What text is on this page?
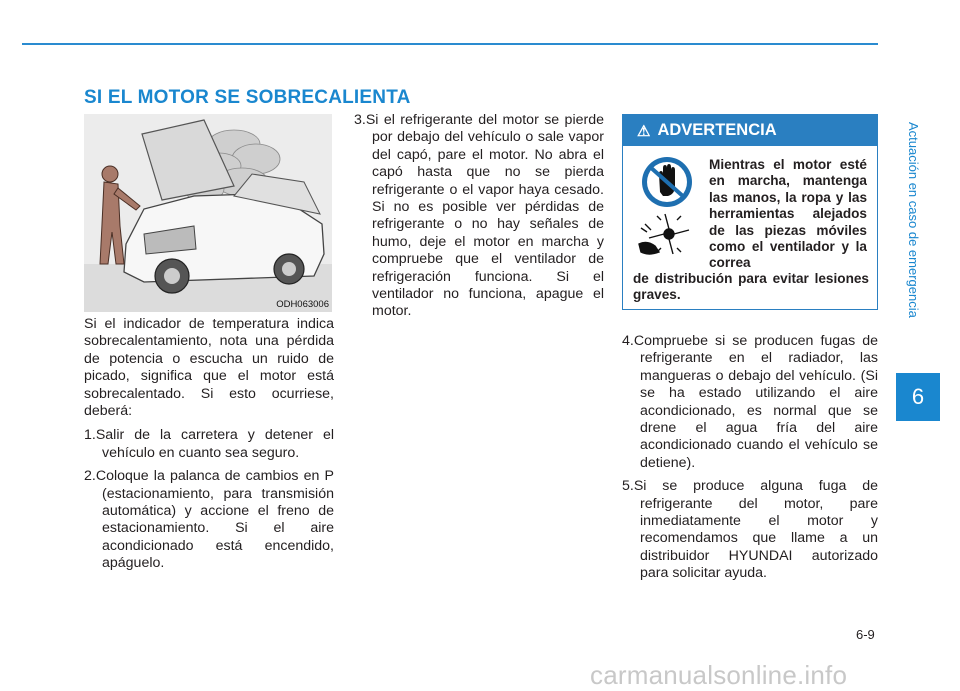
SI EL MOTOR SE SOBRECALIENTA
Actuación en caso de emergencia
6
ODH063006

Si el indicador de temperatura indica sobrecalentamiento, nota una pérdida de potencia o escucha un ruido de picado, significa que el motor está sobrecalentado. Si esto ocurriese, deberá:

1.Salir de la carretera y detener el vehículo en cuanto sea seguro.
2.Coloque la palanca de cambios en P (estacionamiento, para transmisión automática) y accione el freno de estacionamiento. Si el aire acondicionado está encendido, apáguelo.
3.Si el refrigerante del motor se pierde por debajo del vehículo o sale vapor del capó, pare el motor. No abra el capó hasta que no se pierda refrigerante o el vapor haya cesado. Si no es posible ver pérdidas de refrigerante o no hay señales de humo, deje el motor en marcha y compruebe que el ventilador de refrigeración funciona. Si el ventilador no funciona, apague el motor.
⚠ ADVERTENCIA
Mientras el motor esté en marcha, mantenga las manos, la ropa y las herramientas alejados de las piezas móviles como el ventilador y la correa
de distribución para evitar lesiones graves.
4.Compruebe si se producen fugas de refrigerante en el radiador, las mangueras o debajo del vehículo. (Si se ha estado utilizando el aire acondicionado, es normal que se drene el agua fría del aire acondicionado cuando el vehículo se detiene).
5.Si se produce alguna fuga de refrigerante del motor, pare inmediatamente el motor y recomendamos que llame a un distribuidor HYUNDAI autorizado para solicitar ayuda.
6-9
carmanualsonline.info
